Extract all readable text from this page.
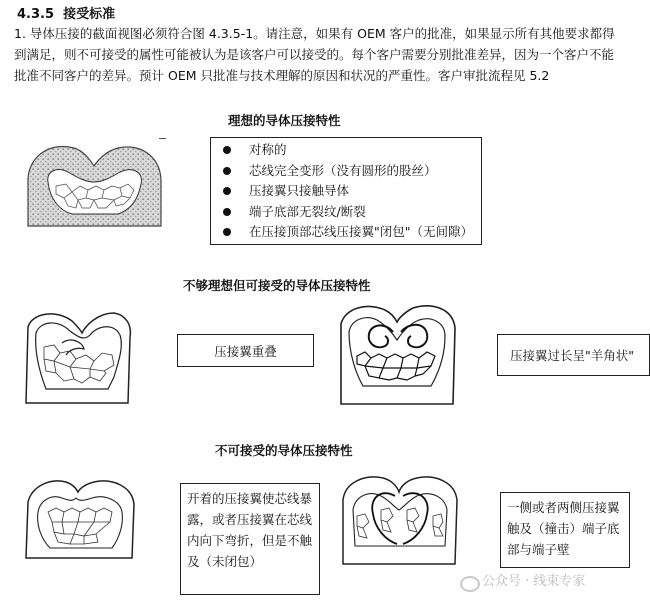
4.3.5 接受标准
1. 导体压接的截面视图必须符合图 4.3.5-1。请注意，如果有 OEM 客户的批准，如果显示所有其他要求都得到满足，则不可接受的属性可能被认为是该客户可以接受的。每个客户需要分别批准差异，因为一个客户不能批准不同客户的差异。预计 OEM 只批准与技术理解的原因和状况的严重性。客户审批流程见 5.2
理想的导体压接特性
对称的
芯线完全变形（没有圆形的股丝）
压接翼只接触导体
端子底部无裂纹/断裂
在压接顶部芯线压接翼"闭包"（无间隙）
不够理想但可接受的导体压接特性
压接翼重叠	压接翼过长呈"羊角状"
不可接受的导体压接特性
开着的压接翼使芯线暴露，或者压接翼在芯线内向下弯折，但是不触及（未闭包）
一侧或者两侧压接翼触及（撞击）端子底部与端子壁
公众号 · 线束专家
